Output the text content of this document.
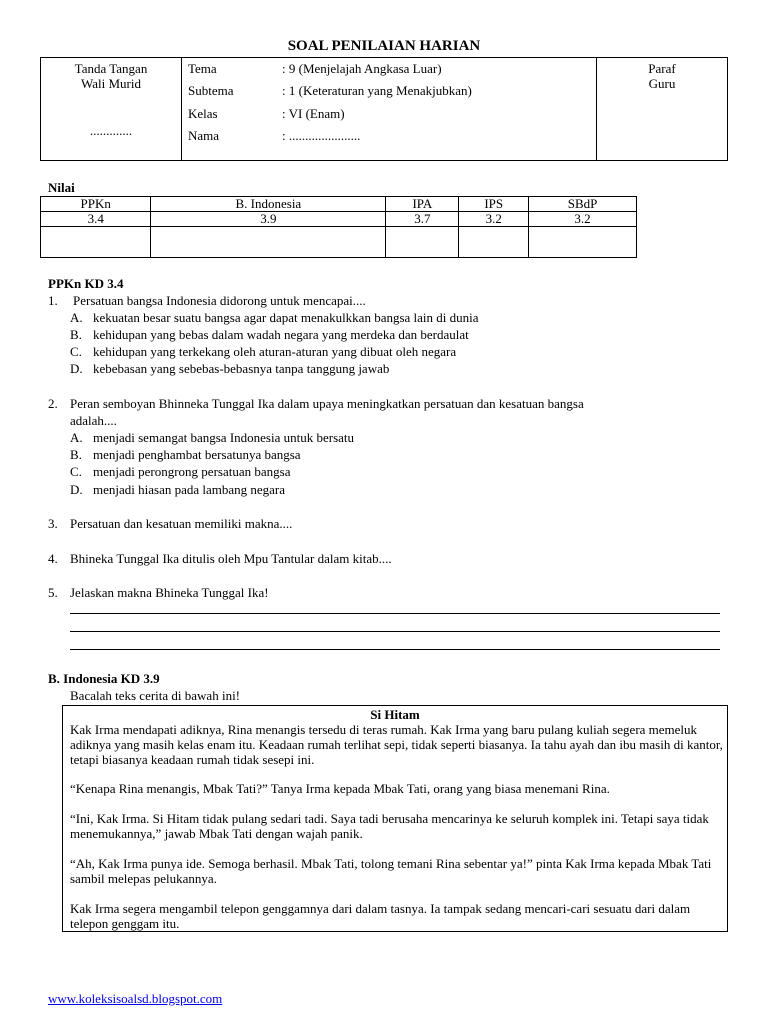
SOAL PENILAIAN HARIAN
Tanda Tangan
Wali Murid
.............

Tema	: 9 (Menjelajah Angkasa Luar)
Subtema	: 1 (Keteraturan yang Menakjubkan)
Kelas	: VI (Enam)
Nama	: ......................

Paraf
Guru
Nilai
PPKn	B. Indonesia	IPA	IPS	SBdP
3.4	3.9	3.7	3.2	3.2

PPKn KD 3.4
1. Persatuan bangsa Indonesia didorong untuk mencapai....
A. kekuatan besar suatu bangsa agar dapat menakulkkan bangsa lain di dunia
B. kehidupan yang bebas dalam wadah negara yang merdeka dan berdaulat
C. kehidupan yang terkekang oleh aturan-aturan yang dibuat oleh negara
D. kebebasan yang sebebas-bebasnya tanpa tanggung jawab
2. Peran semboyan Bhinneka Tunggal Ika dalam upaya meningkatkan persatuan dan kesatuan bangsa
adalah....
A. menjadi semangat bangsa Indonesia untuk bersatu
B. menjadi penghambat bersatunya bangsa
C. menjadi perongrong persatuan bangsa
D. menjadi hiasan pada lambang negara
3. Persatuan dan kesatuan memiliki makna....
4. Bhineka Tunggal Ika ditulis oleh Mpu Tantular dalam kitab....
5. Jelaskan makna Bhineka Tunggal Ika!
B. Indonesia KD 3.9
Bacalah teks cerita di bawah ini!
Si Hitam
Kak Irma mendapati adiknya, Rina menangis tersedu di teras rumah. Kak Irma yang baru pulang kuliah segera memeluk adiknya yang masih kelas enam itu. Keadaan rumah terlihat sepi, tidak seperti biasanya. Ia tahu ayah dan ibu masih di kantor, tetapi biasanya keadaan rumah tidak sesepi ini.
“Kenapa Rina menangis, Mbak Tati?” Tanya Irma kepada Mbak Tati, orang yang biasa menemani Rina.
“Ini, Kak Irma. Si Hitam tidak pulang sedari tadi. Saya tadi berusaha mencarinya ke seluruh komplek ini. Tetapi saya tidak menemukannya,” jawab Mbak Tati dengan wajah panik.
“Ah, Kak Irma punya ide. Semoga berhasil. Mbak Tati, tolong temani Rina sebentar ya!” pinta Kak Irma kepada Mbak Tati sambil melepas pelukannya.
Kak Irma segera mengambil telepon genggamnya dari dalam tasnya. Ia tampak sedang mencari-cari sesuatu dari dalam telepon genggam itu.
www.koleksisoalsd.blogspot.com
